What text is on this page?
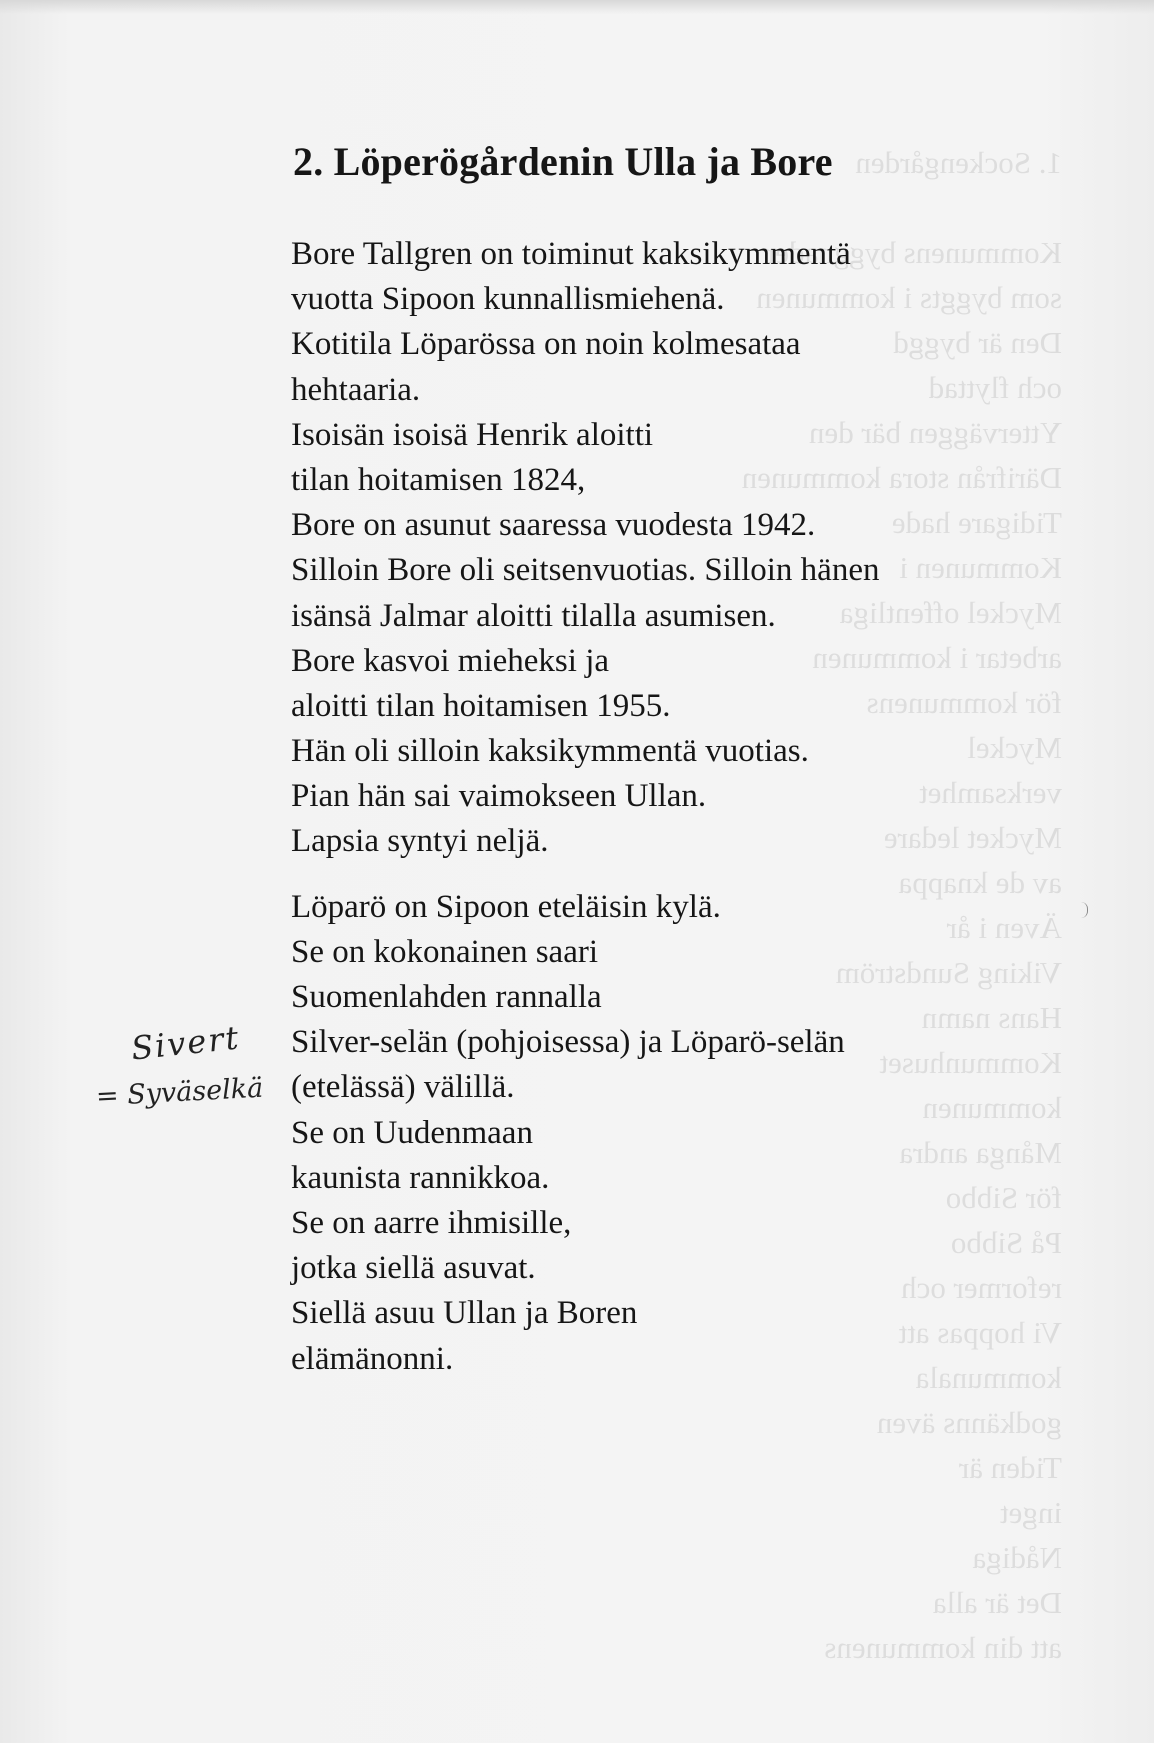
1. Sockengården

Kommunens byggnader
som byggts i kommunen
Den är byggd
och flyttad
Ytterväggen bär den
Därifrån stora kommunen
Tidigare hade
Kommunen i
Myckel offentliga
arbetar i kommunen
för kommunens
Myckel
verksamhet
Mycket ledare
av de knappa
Även i år
Viking Sundström
Hans namn
Kommunhuset
kommunen
Många andra
för Sibbo
På Sibbo
reformer och
Vi hoppas att
kommunala
godkänns även
Tiden är
inget
Nådiga
Det är alla
att din kommunens
2. Löperögårdenin Ulla ja Bore
Bore Tallgren on toiminut kaksikymmentä
vuotta Sipoon kunnallismiehenä.
Kotitila Löparössa on noin kolmesataa
hehtaaria.
Isoisän isoisä Henrik aloitti
tilan hoitamisen 1824,
Bore on asunut saaressa vuodesta 1942.
Silloin Bore oli seitsenvuotias. Silloin hänen
isänsä Jalmar aloitti tilalla asumisen.
Bore kasvoi mieheksi ja
aloitti tilan hoitamisen 1955.
Hän oli silloin kaksikymmentä vuotias.
Pian hän sai vaimokseen Ullan.
Lapsia syntyi neljä.
Löparö on Sipoon eteläisin kylä.
Se on kokonainen saari
Suomenlahden rannalla
Silver-selän (pohjoisessa) ja Löparö-selän
(etelässä) välillä.
Se on Uudenmaan
kaunista rannikkoa.
Se on aarre ihmisille,
jotka siellä asuvat.
Siellä asuu Ullan ja Boren
elämänonni.
Sivert
= Syväselkä
